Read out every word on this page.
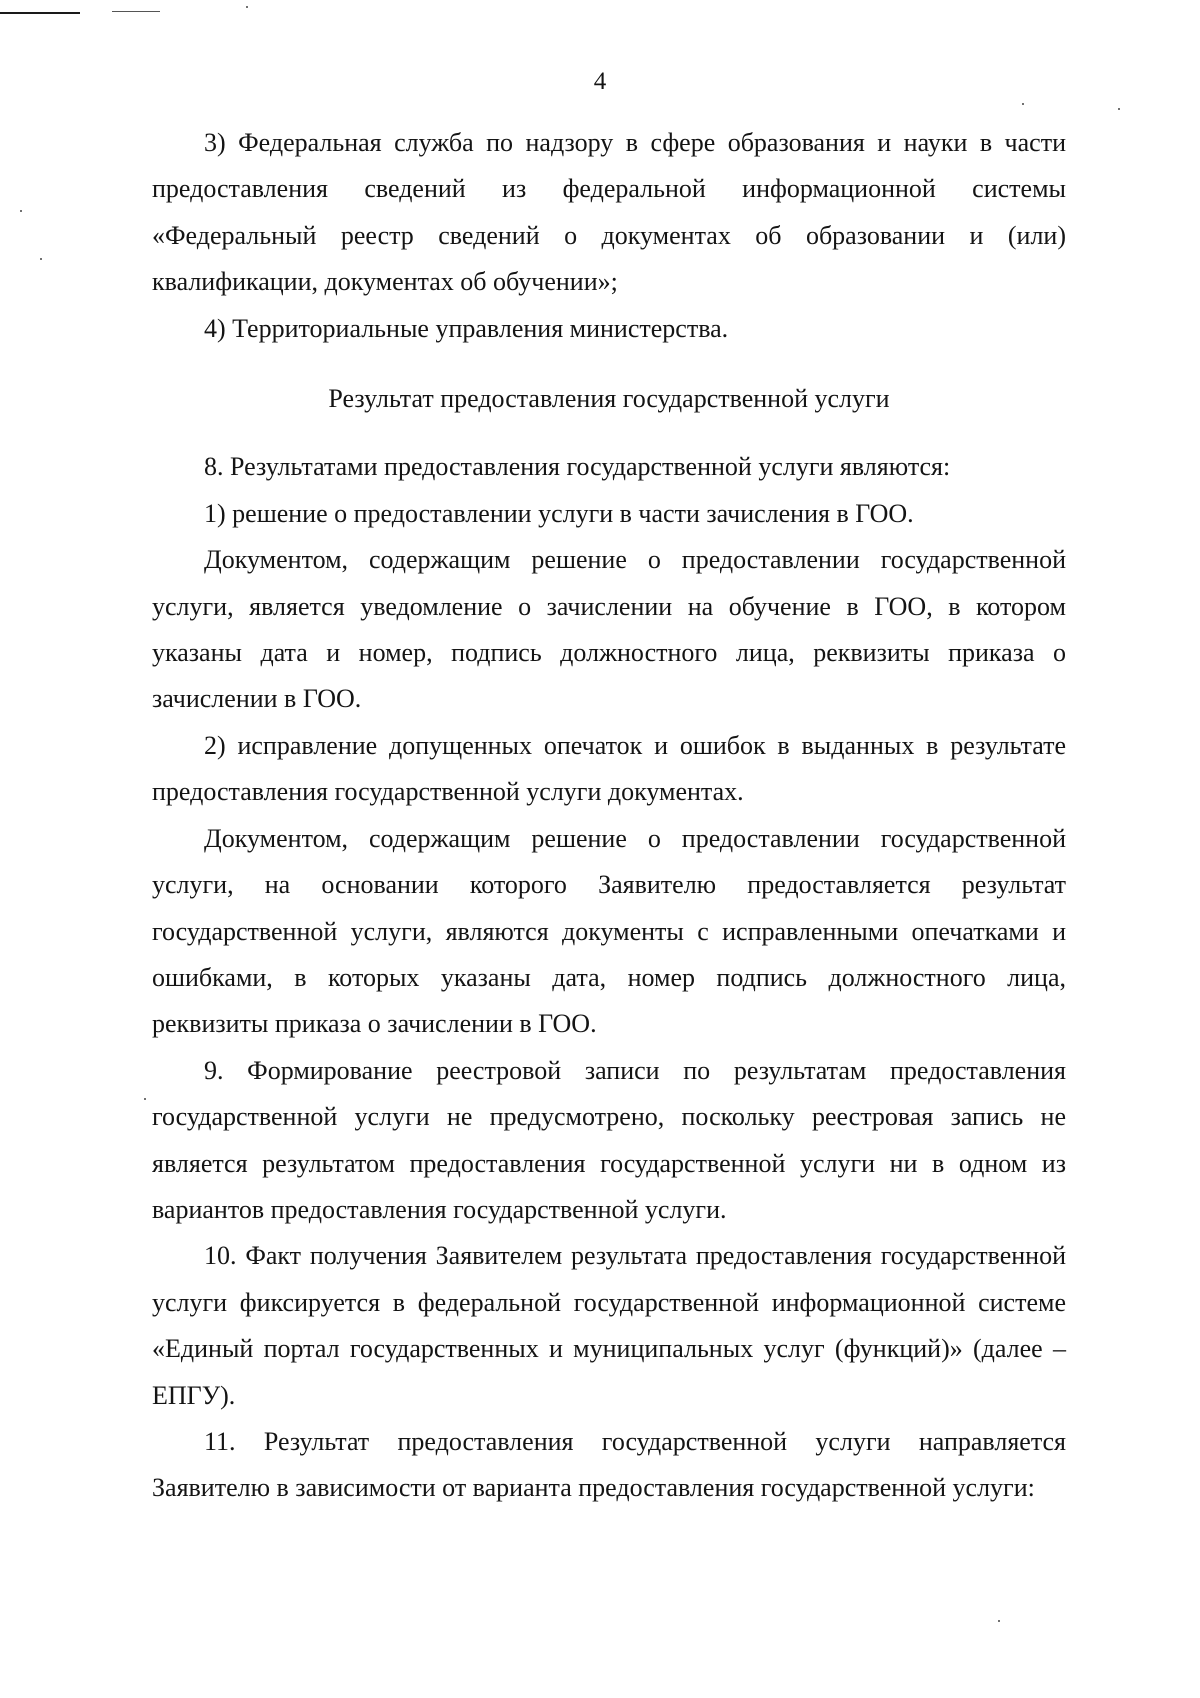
4

3) Федеральная служба по надзору в сфере образования и науки в части предоставления сведений из федеральной информационной системы «Федеральный реестр сведений о документах об образовании и (или) квалификации, документах об обучении»;

4) Территориальные управления министерства.

Результат предоставления государственной услуги

8. Результатами предоставления государственной услуги являются:

1) решение о предоставлении услуги в части зачисления в ГОО.

Документом, содержащим решение о предоставлении государственной услуги, является уведомление о зачислении на обучение в ГОО, в котором указаны дата и номер, подпись должностного лица, реквизиты приказа о зачислении в ГОО.

2) исправление допущенных опечаток и ошибок в выданных в результате предоставления государственной услуги документах.

Документом, содержащим решение о предоставлении государственной услуги, на основании которого Заявителю предоставляется результат государственной услуги, являются документы с исправленными опечатками и ошибками, в которых указаны дата, номер подпись должностного лица, реквизиты приказа о зачислении в ГОО.

9. Формирование реестровой записи по результатам предоставления государственной услуги не предусмотрено, поскольку реестровая запись не является результатом предоставления государственной услуги ни в одном из вариантов предоставления государственной услуги.

10. Факт получения Заявителем результата предоставления государственной услуги фиксируется в федеральной государственной информационной системе «Единый портал государственных и муниципальных услуг (функций)» (далее – ЕПГУ).

11. Результат предоставления государственной услуги направляется Заявителю в зависимости от варианта предоставления государственной услуги:
